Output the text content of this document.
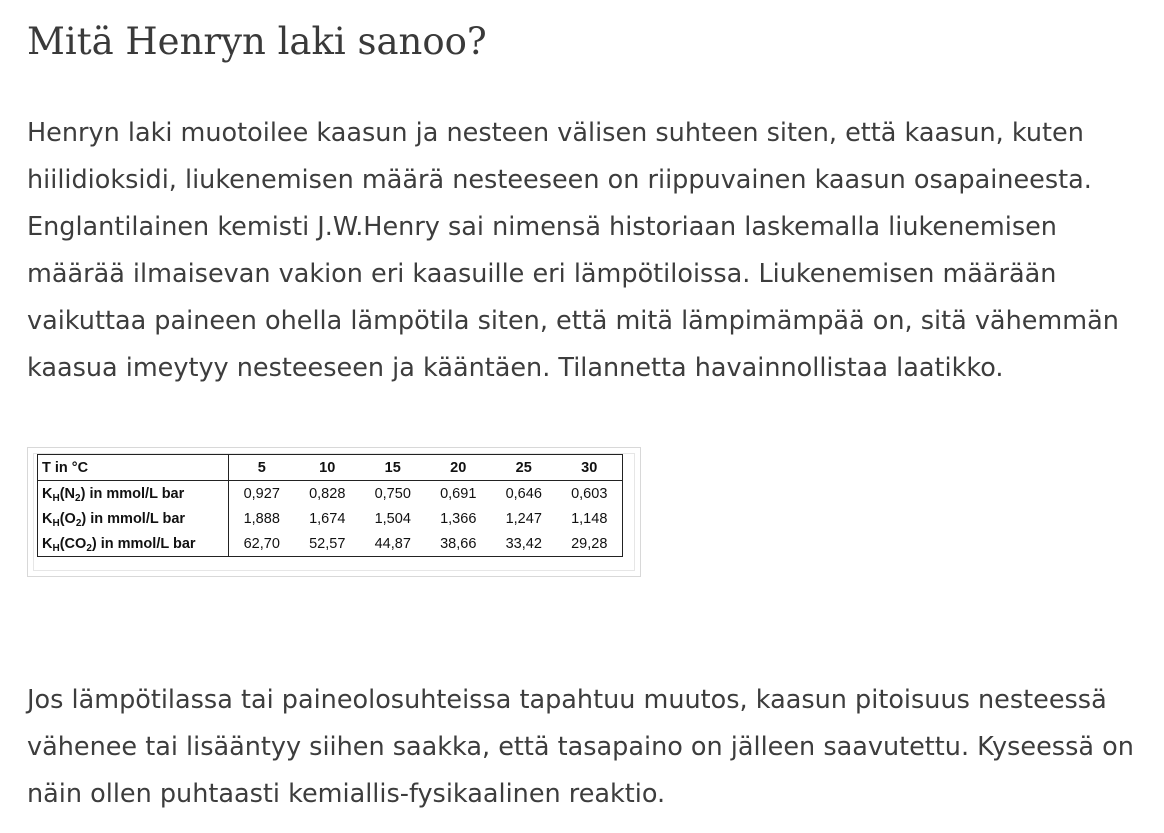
Mitä Henryn laki sanoo?

Henryn laki muotoilee kaasun ja nesteen välisen suhteen siten, että kaasun, kuten
hiilidioksidi, liukenemisen määrä nesteeseen on riippuvainen kaasun osapaineesta.
Englantilainen kemisti J.W.Henry sai nimensä historiaan laskemalla liukenemisen
määrää ilmaisevan vakion eri kaasuille eri lämpötiloissa. Liukenemisen määrään
vaikuttaa paineen ohella lämpötila siten, että mitä lämpimämpää on, sitä vähemmän
kaasua imeytyy nesteeseen ja kääntäen. Tilannetta havainnollistaa laatikko.

Jos lämpötilassa tai paineolosuhteissa tapahtuu muutos, kaasun pitoisuus nesteessä
vähenee tai lisääntyy siihen saakka, että tasapaino on jälleen saavutettu. Kyseessä on
näin ollen puhtaasti kemiallis-fysikaalinen reaktio.

T in °C	5	10	15	20	25	30
$K_H(N_2)$ in mmol/L bar	0,927	0,828	0,750	0,691	0,646	0,603
$K_H(O_2)$ in mmol/L bar	1,888	1,674	1,504	1,366	1,247	1,148
$K_H(CO_2)$ in mmol/L bar	62,70	52,57	44,87	38,66	33,42	29,28
